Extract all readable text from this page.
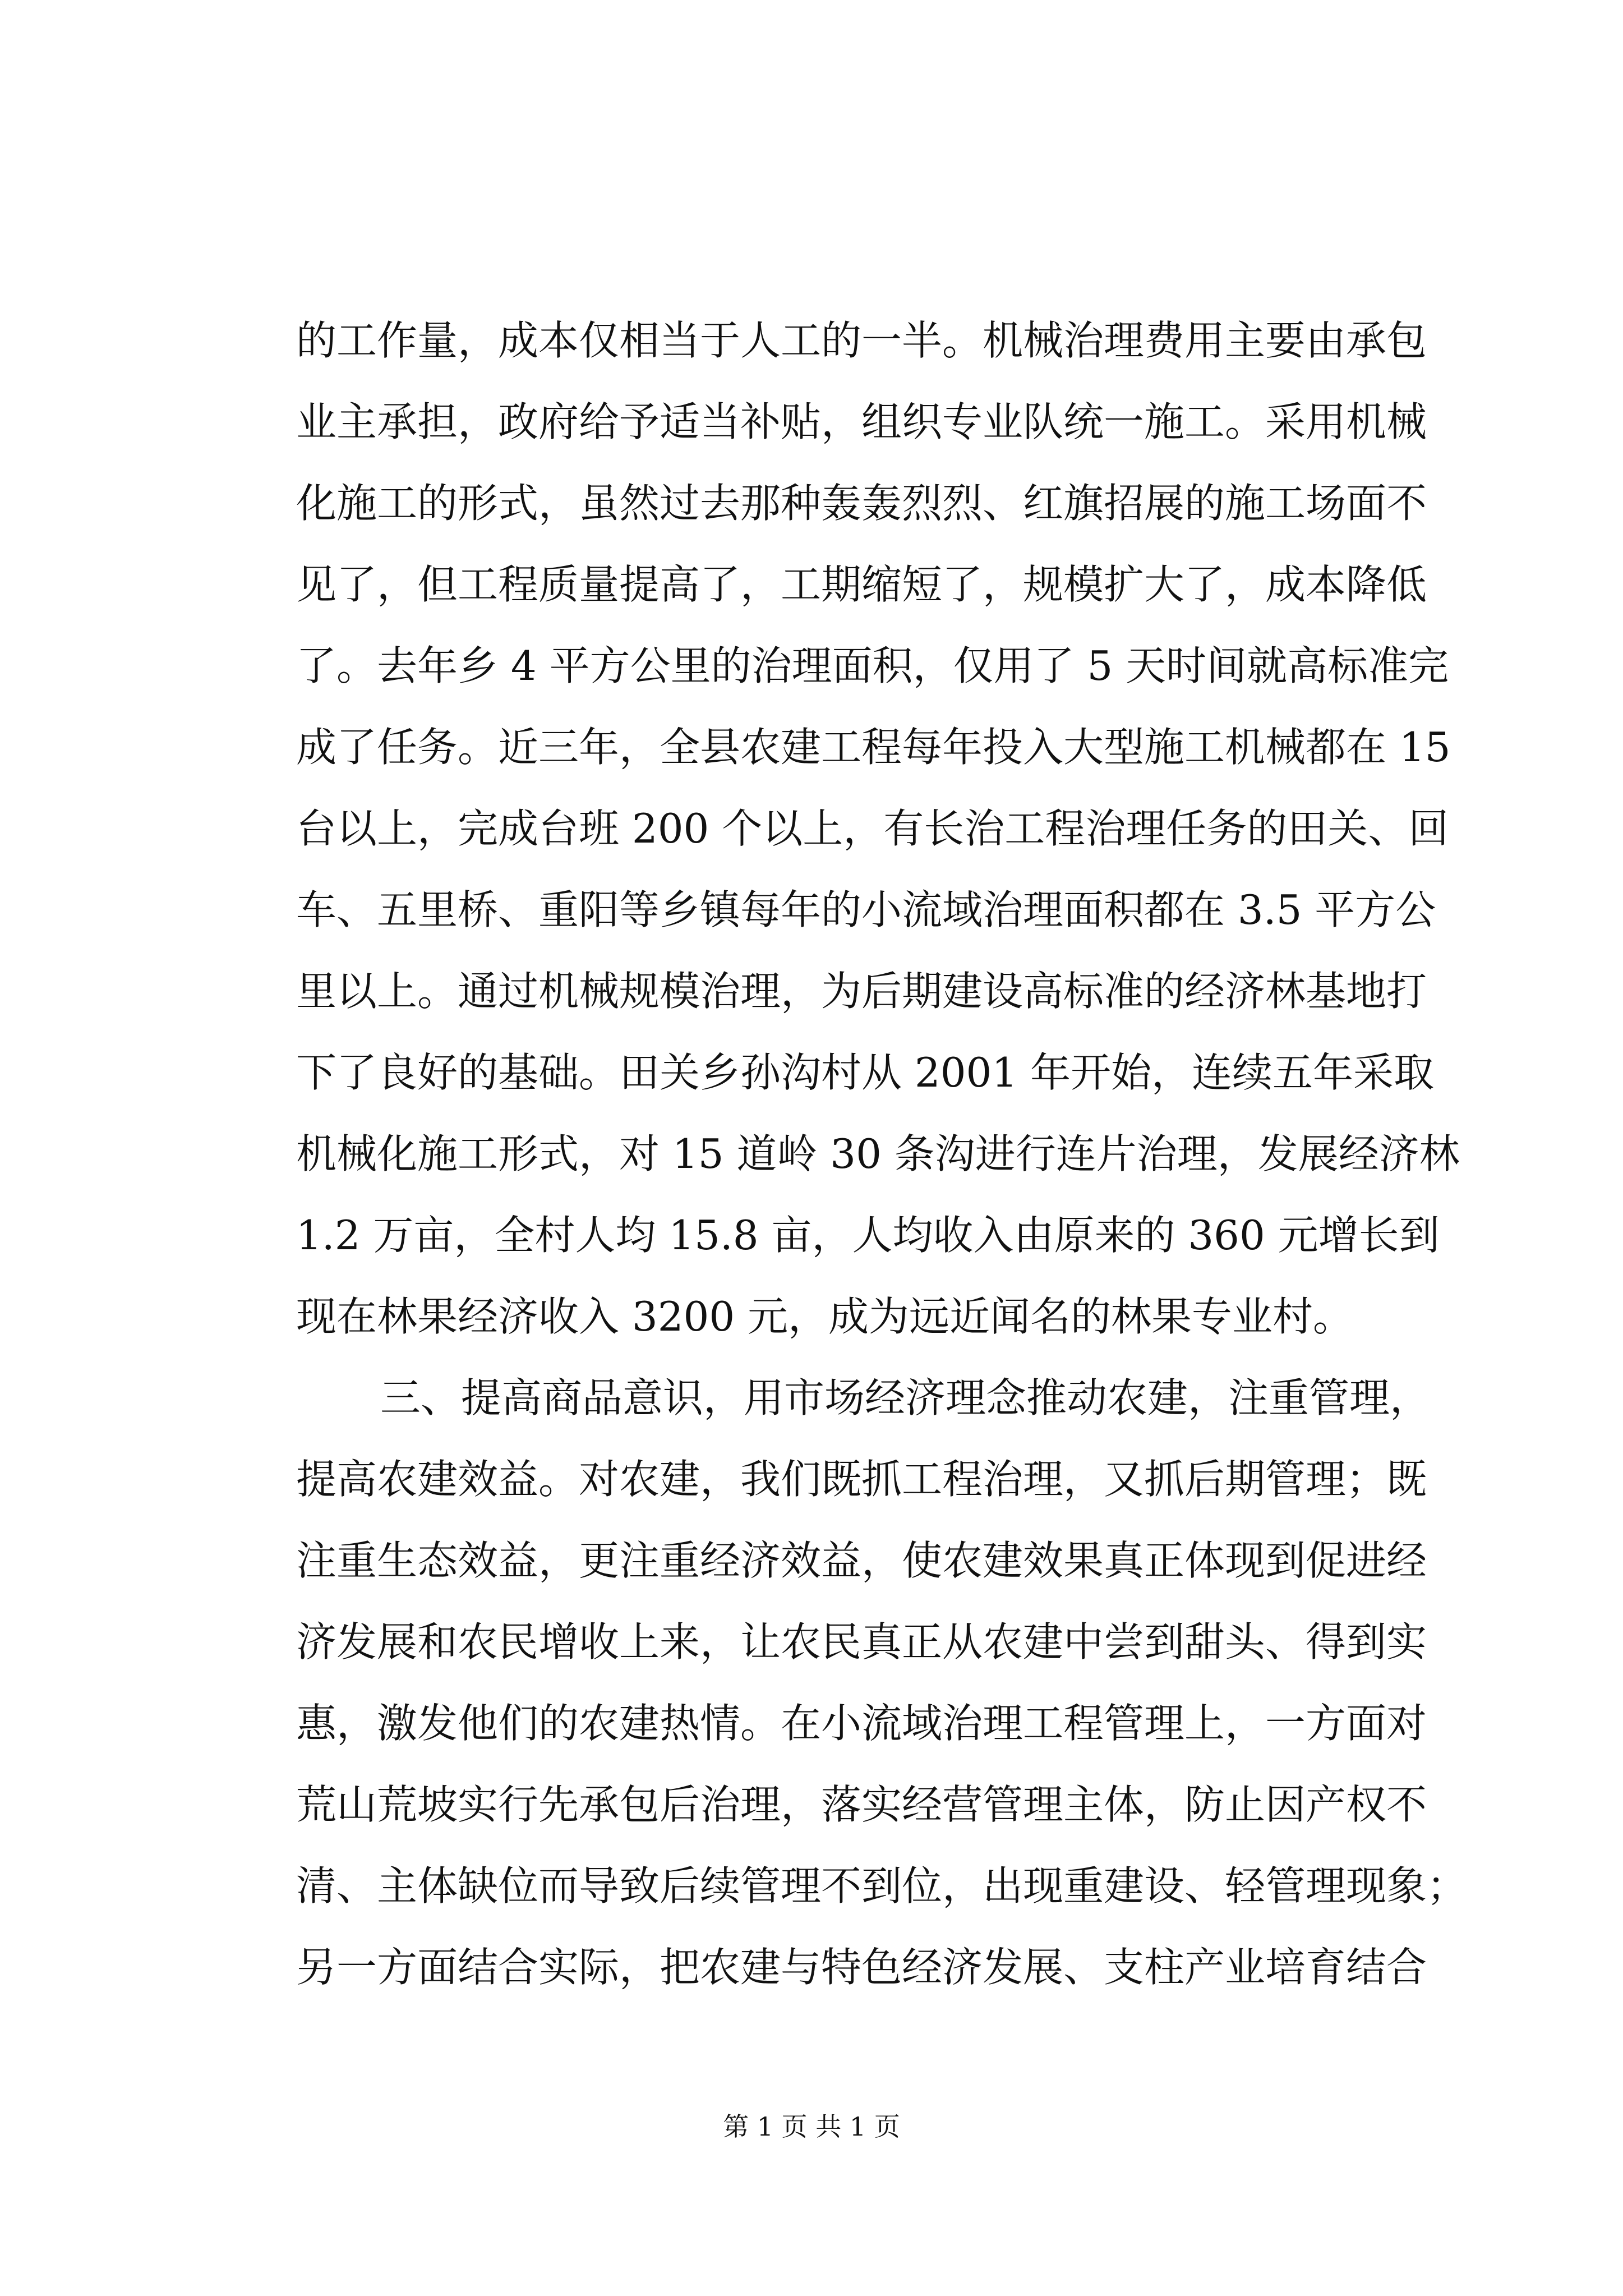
的工作量，成本仅相当于人工的一半。机械治理费用主要由承包
业主承担，政府给予适当补贴，组织专业队统一施工。采用机械
化施工的形式，虽然过去那种轰轰烈烈、红旗招展的施工场面不
见了，但工程质量提高了，工期缩短了，规模扩大了，成本降低
了。去年乡 4 平方公里的治理面积，仅用了 5 天时间就高标准完
成了任务。近三年，全县农建工程每年投入大型施工机械都在 15
台以上，完成台班 200 个以上，有长治工程治理任务的田关、回
车、五里桥、重阳等乡镇每年的小流域治理面积都在 3.5 平方公
里以上。通过机械规模治理，为后期建设高标准的经济林基地打
下了良好的基础。田关乡孙沟村从 2001 年开始，连续五年采取
机械化施工形式，对 15 道岭 30 条沟进行连片治理，发展经济林
1.2 万亩，全村人均 15.8 亩，人均收入由原来的 360 元增长到
现在林果经济收入 3200 元，成为远近闻名的林果专业村。
三、提高商品意识，用市场经济理念推动农建，注重管理，
提高农建效益。对农建，我们既抓工程治理，又抓后期管理；既
注重生态效益，更注重经济效益，使农建效果真正体现到促进经
济发展和农民增收上来，让农民真正从农建中尝到甜头、得到实
惠，激发他们的农建热情。在小流域治理工程管理上，一方面对
荒山荒坡实行先承包后治理，落实经营管理主体，防止因产权不
清、主体缺位而导致后续管理不到位，出现重建设、轻管理现象；
另一方面结合实际，把农建与特色经济发展、支柱产业培育结合
第 1 页 共 1 页
